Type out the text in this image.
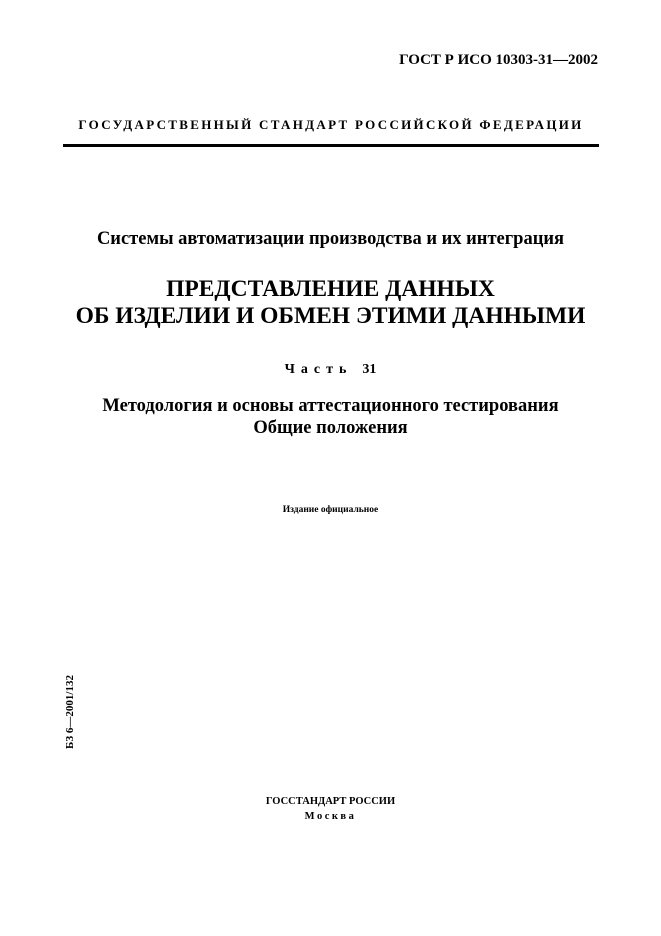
ГОСТ Р ИСО 10303-31—2002
ГОСУДАРСТВЕННЫЙ СТАНДАРТ РОССИЙСКОЙ ФЕДЕРАЦИИ
Системы автоматизации производства и их интеграция
ПРЕДСТАВЛЕНИЕ ДАННЫХ
ОБ ИЗДЕЛИИ И ОБМЕН ЭТИМИ ДАННЫМИ
Часть 31
Методология и основы аттестационного тестирования
Общие положения
Издание официальное
БЗ 6—2001/132
ГОССТАНДАРТ РОССИИ
Москва
